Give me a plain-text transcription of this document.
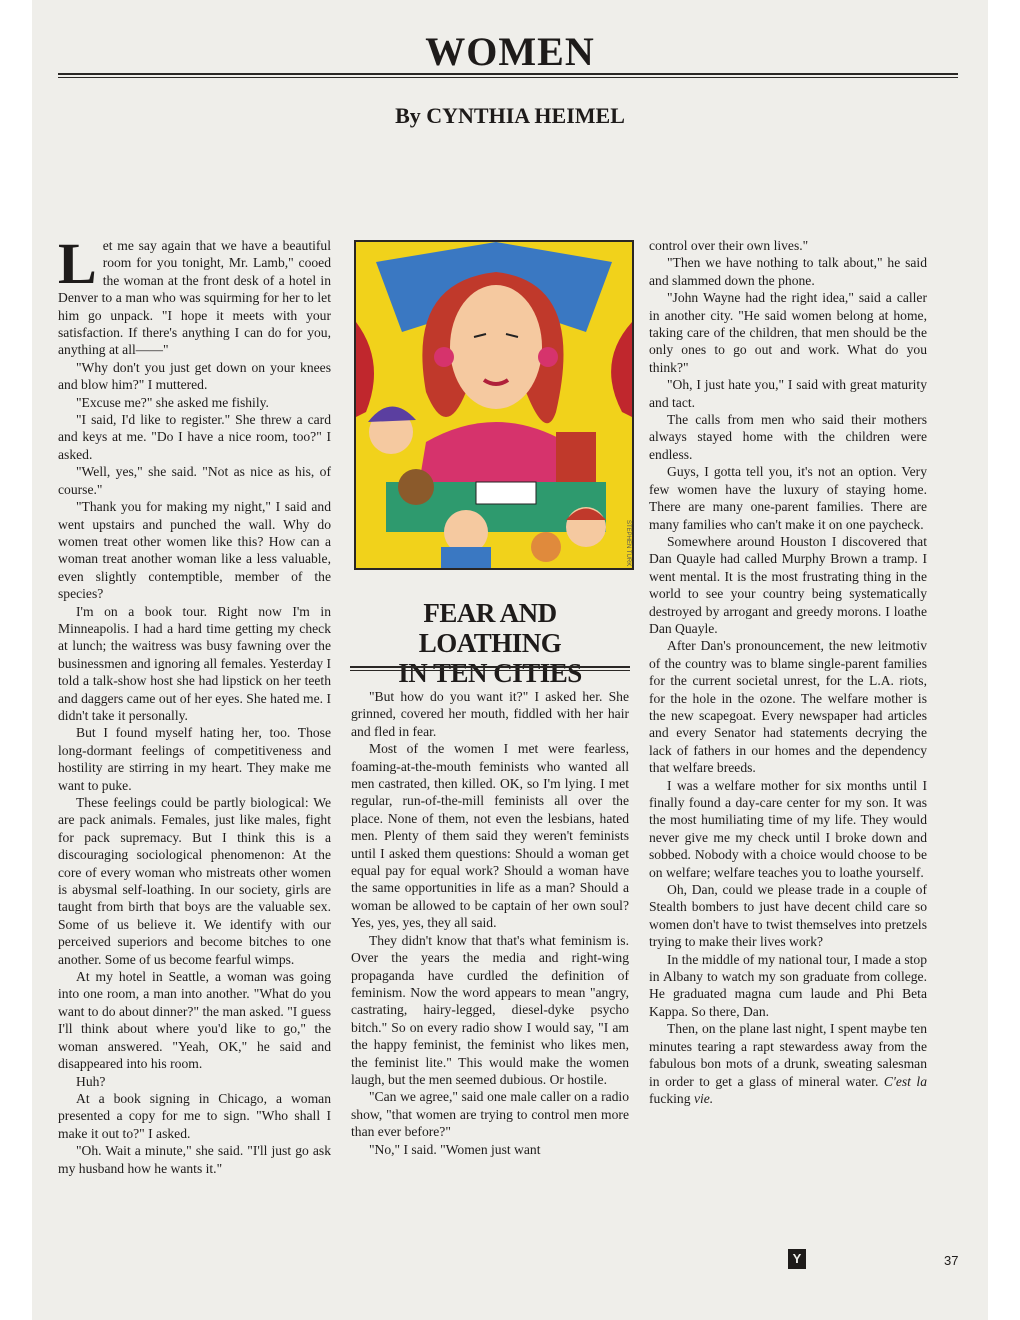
WOMEN
By CYNTHIA HEIMEL

Let me say again that we have a beautiful room for you tonight, Mr. Lamb," cooed the woman at the front desk of a hotel in Denver to a man who was squirming for her to let him go unpack. "I hope it meets with your satisfaction. If there's anything I can do for you, anything at all——"

"Why don't you just get down on your knees and blow him?" I muttered.

"Excuse me?" she asked me fishily.

"I said, I'd like to register." She threw a card and keys at me. "Do I have a nice room, too?" I asked.

"Well, yes," she said. "Not as nice as his, of course."

"Thank you for making my night," I said and went upstairs and punched the wall. Why do women treat other women like this? How can a woman treat another woman like a less valuable, even slightly contemptible, member of the species?

I'm on a book tour. Right now I'm in Minneapolis. I had a hard time getting my check at lunch; the waitress was busy fawning over the businessmen and ignoring all females. Yesterday I told a talk-show host she had lipstick on her teeth and daggers came out of her eyes. She hated me. I didn't take it personally.

But I found myself hating her, too. Those long-dormant feelings of competitiveness and hostility are stirring in my heart. They make me want to puke.

These feelings could be partly biological: We are pack animals. Females, just like males, fight for pack supremacy. But I think this is a discouraging sociological phenomenon: At the core of every woman who mistreats other women is abysmal self-loathing. In our society, girls are taught from birth that boys are the valuable sex. Some of us believe it. We identify with our perceived superiors and become bitches to one another. Some of us become fearful wimps.

At my hotel in Seattle, a woman was going into one room, a man into another. "What do you want to do about dinner?" the man asked. "I guess I'll think about where you'd like to go," the woman answered. "Yeah, OK," he said and disappeared into his room.

Huh?

At a book signing in Chicago, a woman presented a copy for me to sign. "Who shall I make it out to?" I asked.

"Oh. Wait a minute," she said. "I'll just go ask my husband how he wants it."

STEPHEN TURK
FEAR AND LOATHING
IN TEN CITIES

"But how do you want it?" I asked her. She grinned, covered her mouth, fiddled with her hair and fled in fear.

Most of the women I met were fearless, foaming-at-the-mouth feminists who wanted all men castrated, then killed. OK, so I'm lying. I met regular, run-of-the-mill feminists all over the place. None of them, not even the lesbians, hated men. Plenty of them said they weren't feminists until I asked them questions: Should a woman get equal pay for equal work? Should a woman have the same opportunities in life as a man? Should a woman be allowed to be captain of her own soul? Yes, yes, yes, they all said.

They didn't know that that's what feminism is. Over the years the media and right-wing propaganda have curdled the definition of feminism. Now the word appears to mean "angry, castrating, hairy-legged, diesel-dyke psycho bitch." So on every radio show I would say, "I am the happy feminist, the feminist who likes men, the feminist lite." This would make the women laugh, but the men seemed dubious. Or hostile.

"Can we agree," said one male caller on a radio show, "that women are trying to control men more than ever before?"

"No," I said. "Women just want

control over their own lives."

"Then we have nothing to talk about," he said and slammed down the phone.

"John Wayne had the right idea," said a caller in another city. "He said women belong at home, taking care of the children, that men should be the only ones to go out and work. What do you think?"

"Oh, I just hate you," I said with great maturity and tact.

The calls from men who said their mothers always stayed home with the children were endless.

Guys, I gotta tell you, it's not an option. Very few women have the luxury of staying home. There are many one-parent families. There are many families who can't make it on one paycheck.

Somewhere around Houston I discovered that Dan Quayle had called Murphy Brown a tramp. I went mental. It is the most frustrating thing in the world to see your country being systematically destroyed by arrogant and greedy morons. I loathe Dan Quayle.

After Dan's pronouncement, the new leitmotiv of the country was to blame single-parent families for the current societal unrest, for the L.A. riots, for the hole in the ozone. The welfare mother is the new scapegoat. Every newspaper had articles and every Senator had statements decrying the lack of fathers in our homes and the dependency that welfare breeds.

I was a welfare mother for six months until I finally found a day-care center for my son. It was the most humiliating time of my life. They would never give me my check until I broke down and sobbed. Nobody with a choice would choose to be on welfare; welfare teaches you to loathe yourself.

Oh, Dan, could we please trade in a couple of Stealth bombers to just have decent child care so women don't have to twist themselves into pretzels trying to make their lives work?

In the middle of my national tour, I made a stop in Albany to watch my son graduate from college. He graduated magna cum laude and Phi Beta Kappa. So there, Dan.

Then, on the plane last night, I spent maybe ten minutes tearing a rapt stewardess away from the fabulous bon mots of a drunk, sweating salesman in order to get a glass of mineral water. C'est la fucking vie.

Y	37
